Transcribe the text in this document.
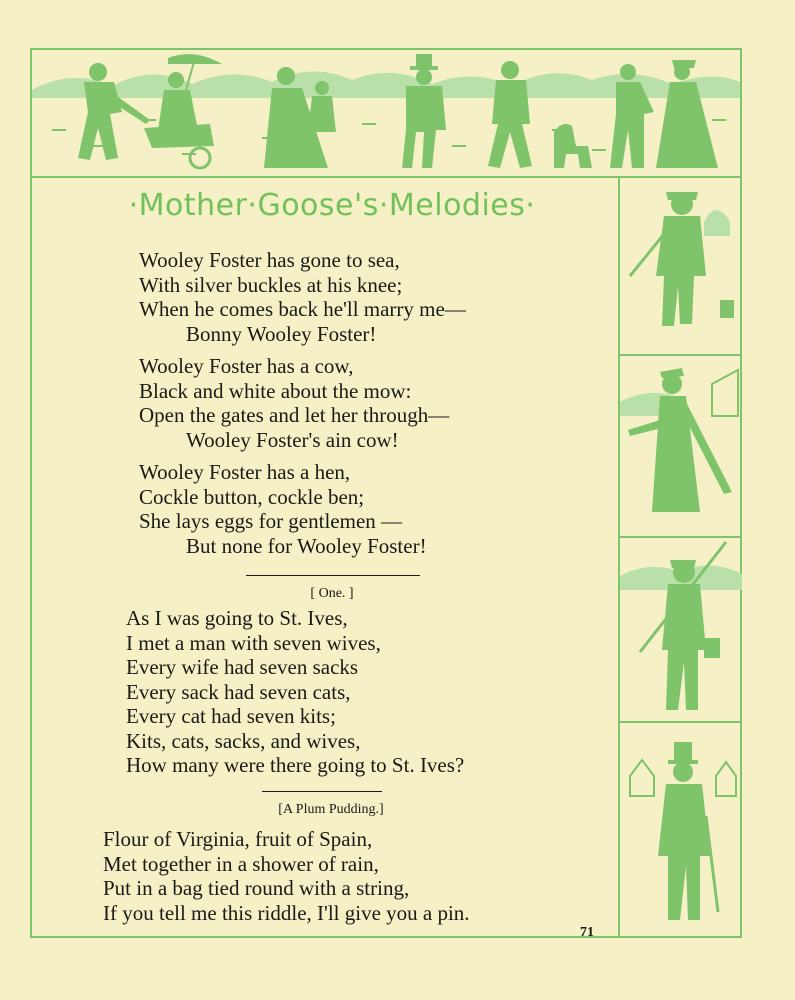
·Mother·Goose's·Melodies·
Wooley Foster has gone to sea,
With silver buckles at his knee;
When he comes back he'll marry me—
Bonny Wooley Foster!
Wooley Foster has a cow,
Black and white about the mow:
Open the gates and let her through—
Wooley Foster's ain cow!
Wooley Foster has a hen,
Cockle button, cockle ben;
She lays eggs for gentlemen —
But none for Wooley Foster!
[ One. ]
As I was going to St. Ives,
I met a man with seven wives,
Every wife had seven sacks
Every sack had seven cats,
Every cat had seven kits;
Kits, cats, sacks, and wives,
How many were there going to St. Ives?
[A Plum Pudding.]
Flour of Virginia, fruit of Spain,
Met together in a shower of rain,
Put in a bag tied round with a string,
If you tell me this riddle, I'll give you a pin.
71
